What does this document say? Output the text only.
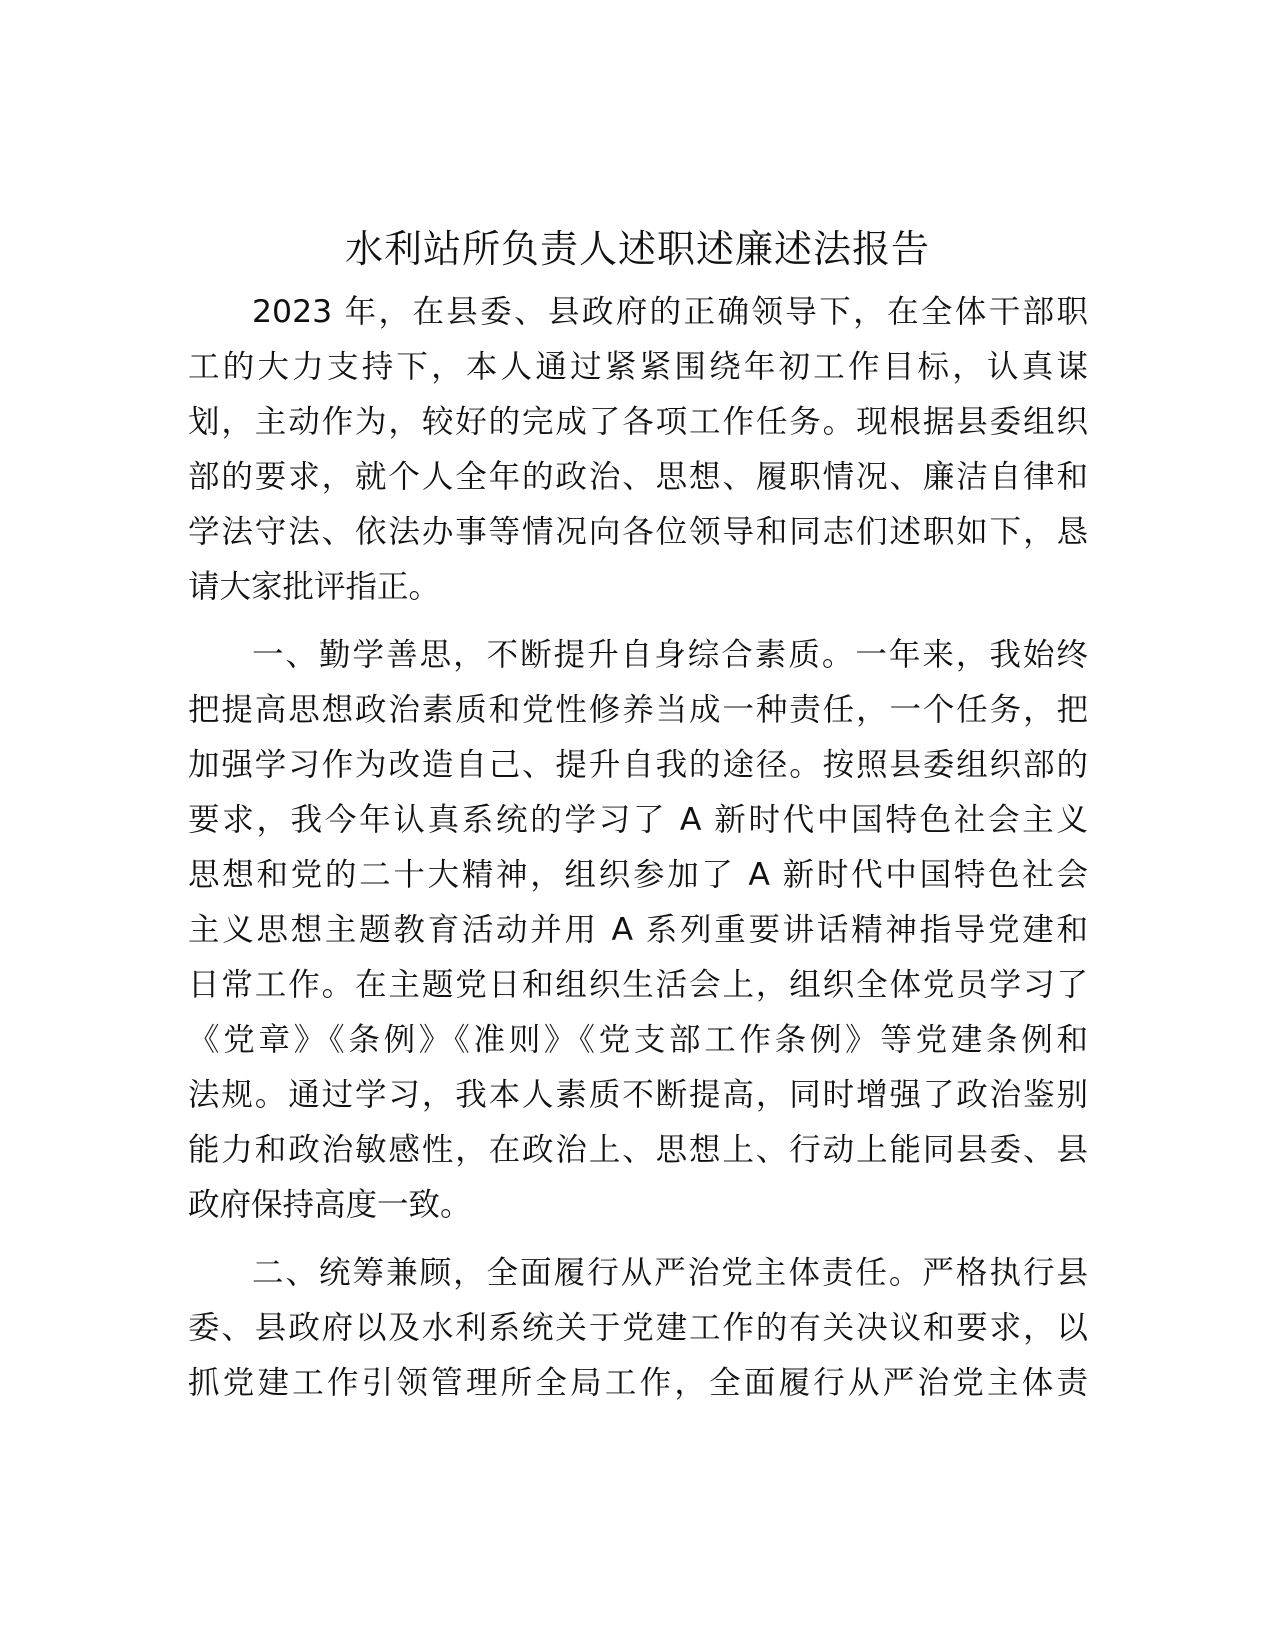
水利站所负责人述职述廉述法报告

2023 年，在县委、县政府的正确领导下，在全体干部职

工的大力支持下，本人通过紧紧围绕年初工作目标，认真谋

划，主动作为，较好的完成了各项工作任务。现根据县委组织

部的要求，就个人全年的政治、思想、履职情况、廉洁自律和

学法守法、依法办事等情况向各位领导和同志们述职如下，恳

请大家批评指正。

一、勤学善思，不断提升自身综合素质。一年来，我始终

把提高思想政治素质和党性修养当成一种责任，一个任务，把

加强学习作为改造自己、提升自我的途径。按照县委组织部的

要求，我今年认真系统的学习了 A 新时代中国特色社会主义

思想和党的二十大精神，组织参加了 A 新时代中国特色社会

主义思想主题教育活动并用 A 系列重要讲话精神指导党建和

日常工作。在主题党日和组织生活会上，组织全体党员学习了

《党章》《条例》《准则》《党支部工作条例》等党建条例和

法规。通过学习，我本人素质不断提高，同时增强了政治鉴别

能力和政治敏感性，在政治上、思想上、行动上能同县委、县

政府保持高度一致。

二、统筹兼顾，全面履行从严治党主体责任。严格执行县

委、县政府以及水利系统关于党建工作的有关决议和要求，以

抓党建工作引领管理所全局工作，全面履行从严治党主体责
